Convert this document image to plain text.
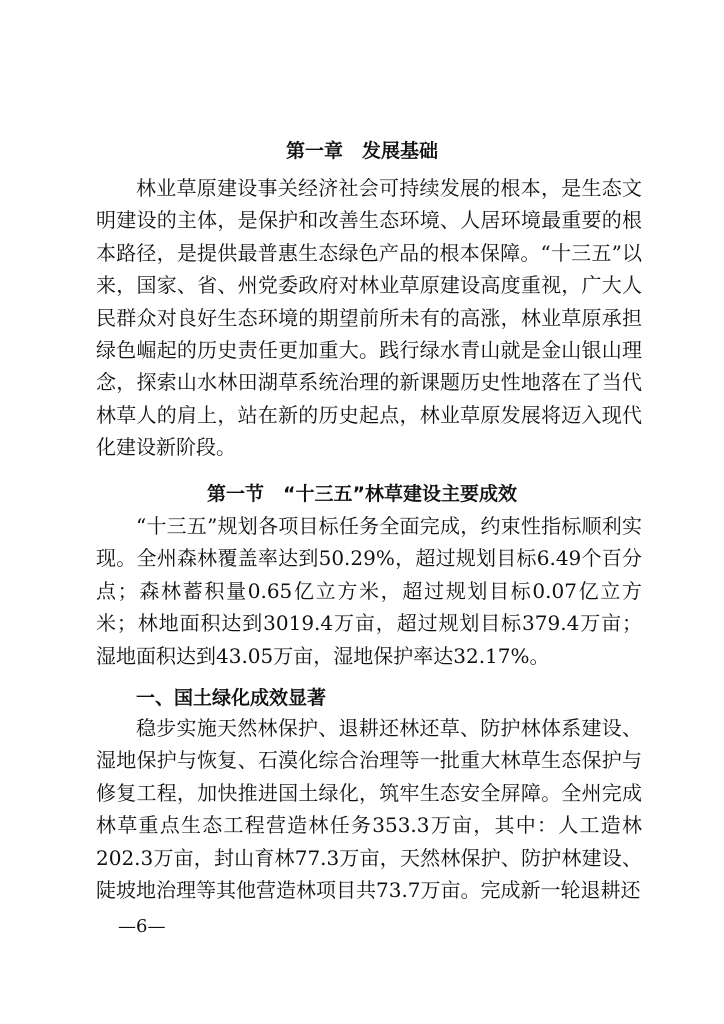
第一章　发展基础
林业草原建设事关经济社会可持续发展的根本，是生态文明建设的主体，是保护和改善生态环境、人居环境最重要的根本路径，是提供最普惠生态绿色产品的根本保障。“十三五”以来，国家、省、州党委政府对林业草原建设高度重视，广大人民群众对良好生态环境的期望前所未有的高涨，林业草原承担绿色崛起的历史责任更加重大。践行绿水青山就是金山银山理念，探索山水林田湖草系统治理的新课题历史性地落在了当代林草人的肩上，站在新的历史起点，林业草原发展将迈入现代化建设新阶段。
第一节　“十三五”林草建设主要成效
“十三五”规划各项目标任务全面完成，约束性指标顺利实现。全州森林覆盖率达到50.29%，超过规划目标6.49个百分点；森林蓄积量0.65亿立方米，超过规划目标0.07亿立方米；林地面积达到3019.4万亩，超过规划目标379.4万亩；湿地面积达到43.05万亩，湿地保护率达32.17%。
一、国土绿化成效显著
稳步实施天然林保护、退耕还林还草、防护林体系建设、湿地保护与恢复、石漠化综合治理等一批重大林草生态保护与修复工程，加快推进国土绿化，筑牢生态安全屏障。全州完成林草重点生态工程营造林任务353.3万亩，其中：人工造林202.3万亩，封山育林77.3万亩，天然林保护、防护林建设、陡坡地治理等其他营造林项目共73.7万亩。完成新一轮退耕还
—6—
